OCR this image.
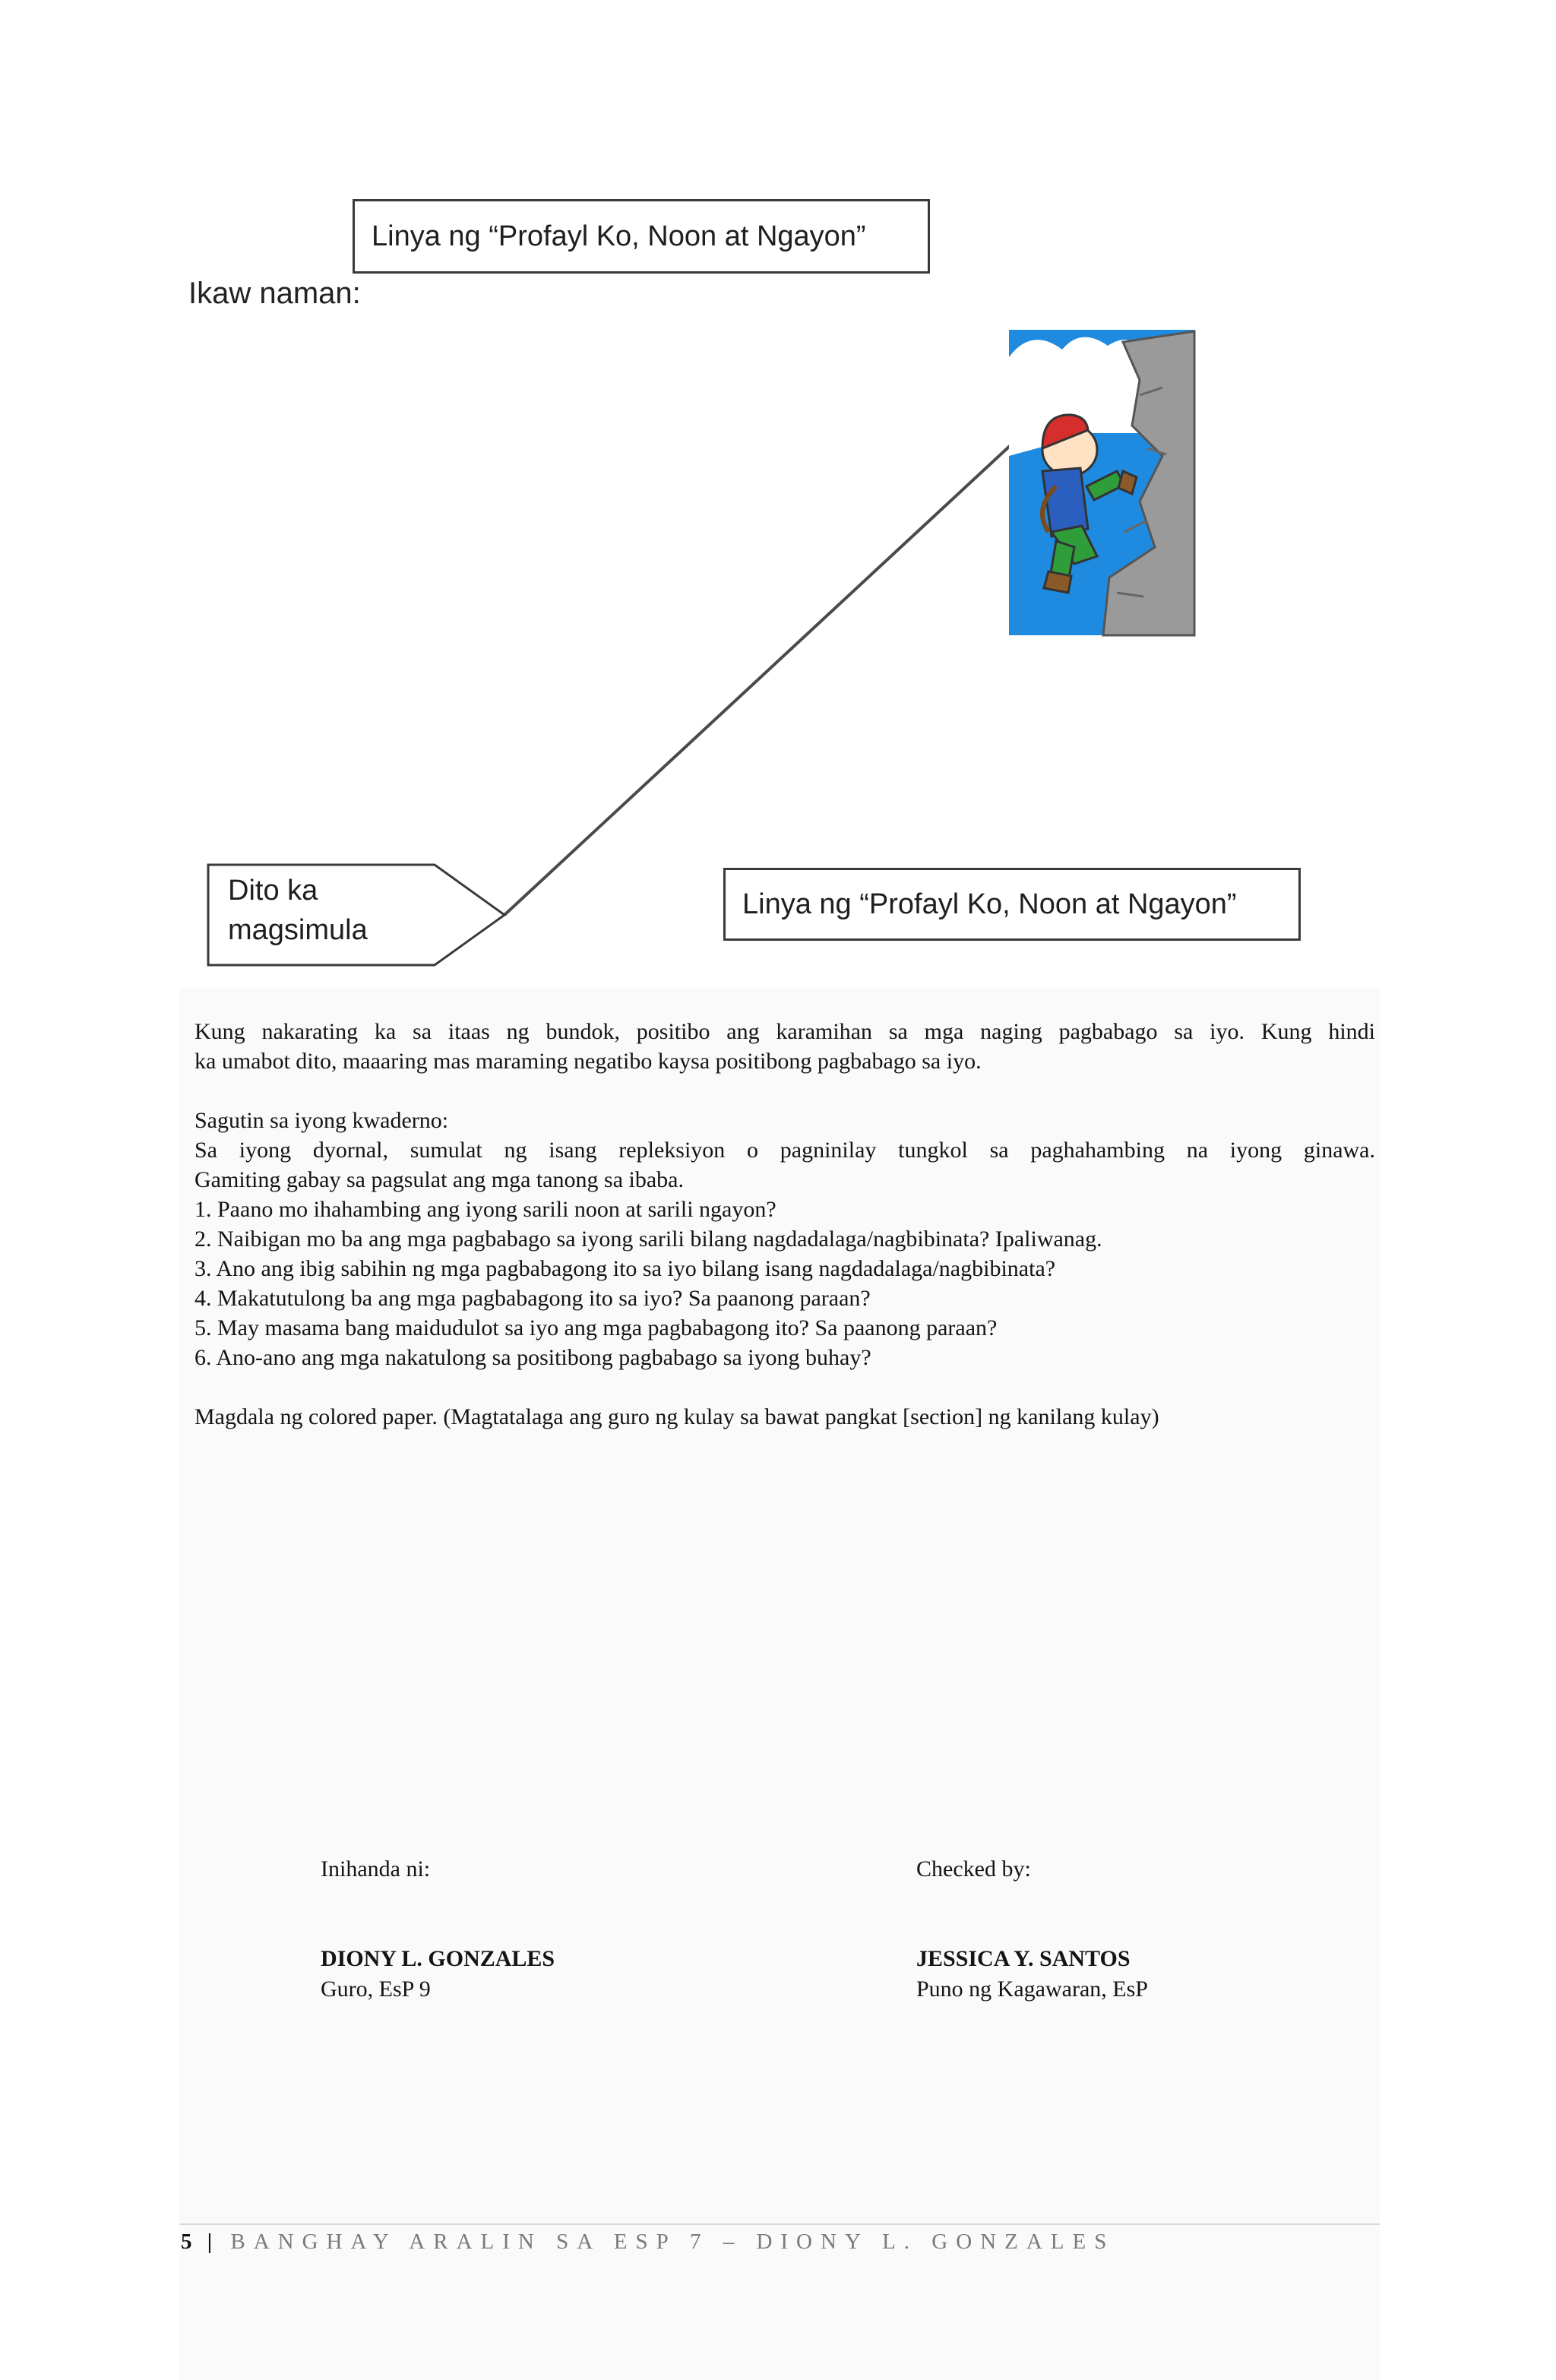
Linya ng “Profayl Ko, Noon at Ngayon”
Ikaw naman:
Dito ka
magsimula
Linya ng “Profayl Ko, Noon at Ngayon”

Kung nakarating ka sa itaas ng bundok, positibo ang karamihan sa mga naging pagbabago sa iyo. Kung hindi

ka umabot dito, maaaring mas maraming negatibo kaysa positibong pagbabago sa iyo.

Sagutin sa iyong kwaderno:

Sa iyong dyornal, sumulat ng isang repleksiyon o pagninilay tungkol sa paghahambing na iyong ginawa.

Gamiting gabay sa pagsulat ang mga tanong sa ibaba.

1. Paano mo ihahambing ang iyong sarili noon at sarili ngayon?

2. Naibigan mo ba ang mga pagbabago sa iyong sarili bilang nagdadalaga/nagbibinata? Ipaliwanag.

3. Ano ang ibig sabihin ng mga pagbabagong ito sa iyo bilang isang nagdadalaga/nagbibinata?

4. Makatutulong ba ang mga pagbabagong ito sa iyo? Sa paanong paraan?

5. May masama bang maidudulot sa iyo ang mga pagbabagong ito? Sa paanong paraan?

6. Ano-ano ang mga nakatulong sa positibong pagbabago sa iyong buhay?

Magdala ng colored paper. (Magtatalaga ang guro ng kulay sa bawat pangkat [section] ng kanilang kulay)

Inihanda ni:
DIONY L. GONZALES
Guro, EsP 9
Checked by:
JESSICA Y. SANTOS
Puno ng Kagawaran, EsP
5 | BANGHAY ARALIN SA ESP 7 – DIONY L. GONZALES
